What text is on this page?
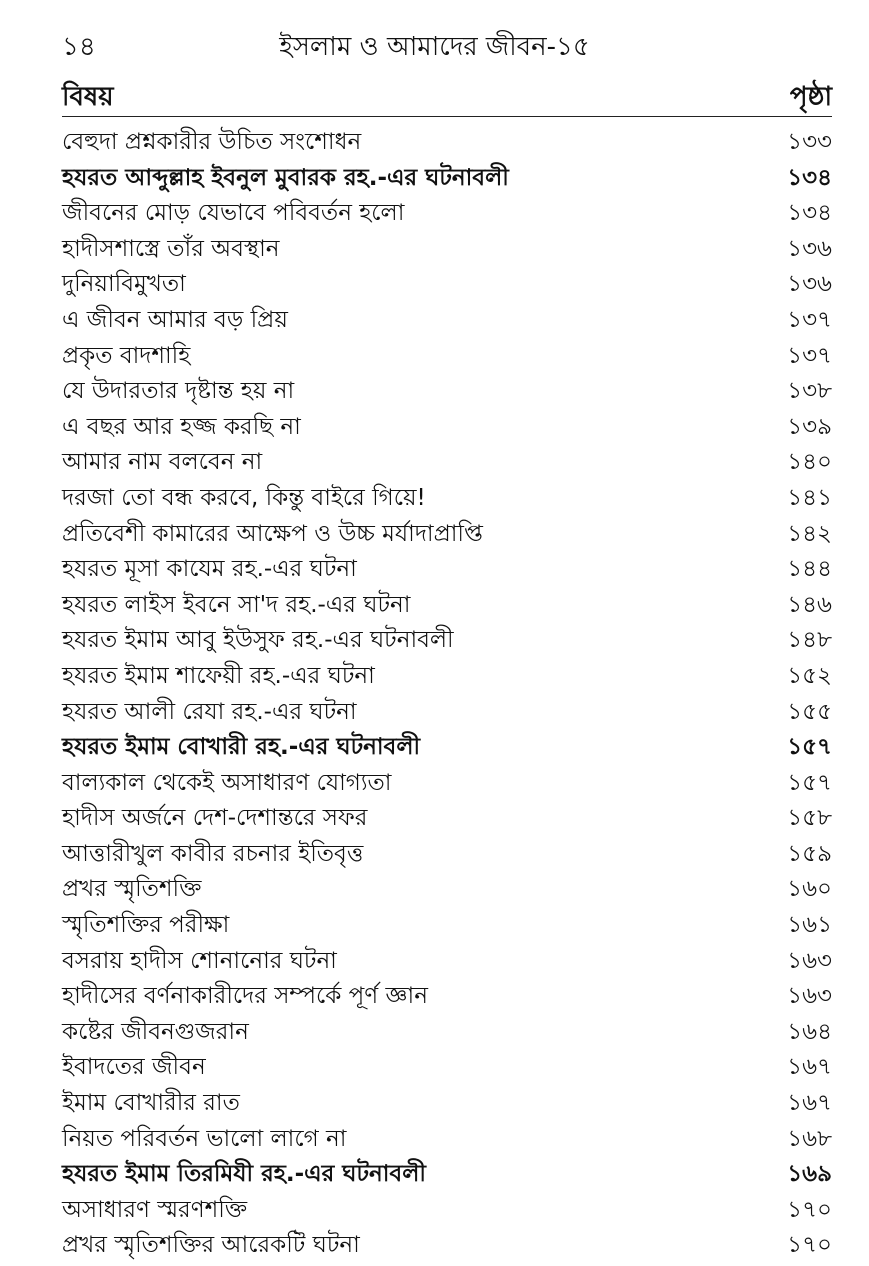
১৪	ইসলাম ও আমাদের জীবন-১৫
বিষয়	পৃষ্ঠা
বেহুদা প্রশ্নকারীর উচিত সংশোধন	১৩৩
হযরত আব্দুল্লাহ ইবনুল মুবারক রহ.-এর ঘটনাবলী	১৩৪
জীবনের মোড় যেভাবে পবিবর্তন হলো	১৩৪
হাদীসশাস্ত্রে তাঁর অবস্থান	১৩৬
দুনিয়াবিমুখতা	১৩৬
এ জীবন আমার বড় প্রিয়	১৩৭
প্রকৃত বাদশাহি	১৩৭
যে উদারতার দৃষ্টান্ত হয় না	১৩৮
এ বছর আর হজ্জ করছি না	১৩৯
আমার নাম বলবেন না	১৪০
দরজা তো বন্ধ করবে, কিন্তু বাইরে গিয়ে!	১৪১
প্রতিবেশী কামারের আক্ষেপ ও উচ্চ মর্যাদাপ্রাপ্তি	১৪২
হযরত মূসা কাযেম রহ.-এর ঘটনা	১৪৪
হযরত লাইস ইবনে সা'দ রহ.-এর ঘটনা	১৪৬
হযরত ইমাম আবু ইউসুফ রহ.-এর ঘটনাবলী	১৪৮
হযরত ইমাম শাফেয়ী রহ.-এর ঘটনা	১৫২
হযরত আলী রেযা রহ.-এর ঘটনা	১৫৫
হযরত ইমাম বোখারী রহ.-এর ঘটনাবলী	১৫৭
বাল্যকাল থেকেই অসাধারণ যোগ্যতা	১৫৭
হাদীস অর্জনে দেশ-দেশান্তরে সফর	১৫৮
আত্তারীখুল কাবীর রচনার ইতিবৃত্ত	১৫৯
প্রখর স্মৃতিশক্তি	১৬০
স্মৃতিশক্তির পরীক্ষা	১৬১
বসরায় হাদীস শোনানোর ঘটনা	১৬৩
হাদীসের বর্ণনাকারীদের সম্পর্কে পূর্ণ জ্ঞান	১৬৩
কষ্টের জীবনগুজরান	১৬৪
ইবাদতের জীবন	১৬৭
ইমাম বোখারীর রাত	১৬৭
নিয়ত পরিবর্তন ভালো লাগে না	১৬৮
হযরত ইমাম তিরমিযী রহ.-এর ঘটনাবলী	১৬৯
অসাধারণ স্মরণশক্তি	১৭০
প্রখর স্মৃতিশক্তির আরেকটি ঘটনা	১৭০
